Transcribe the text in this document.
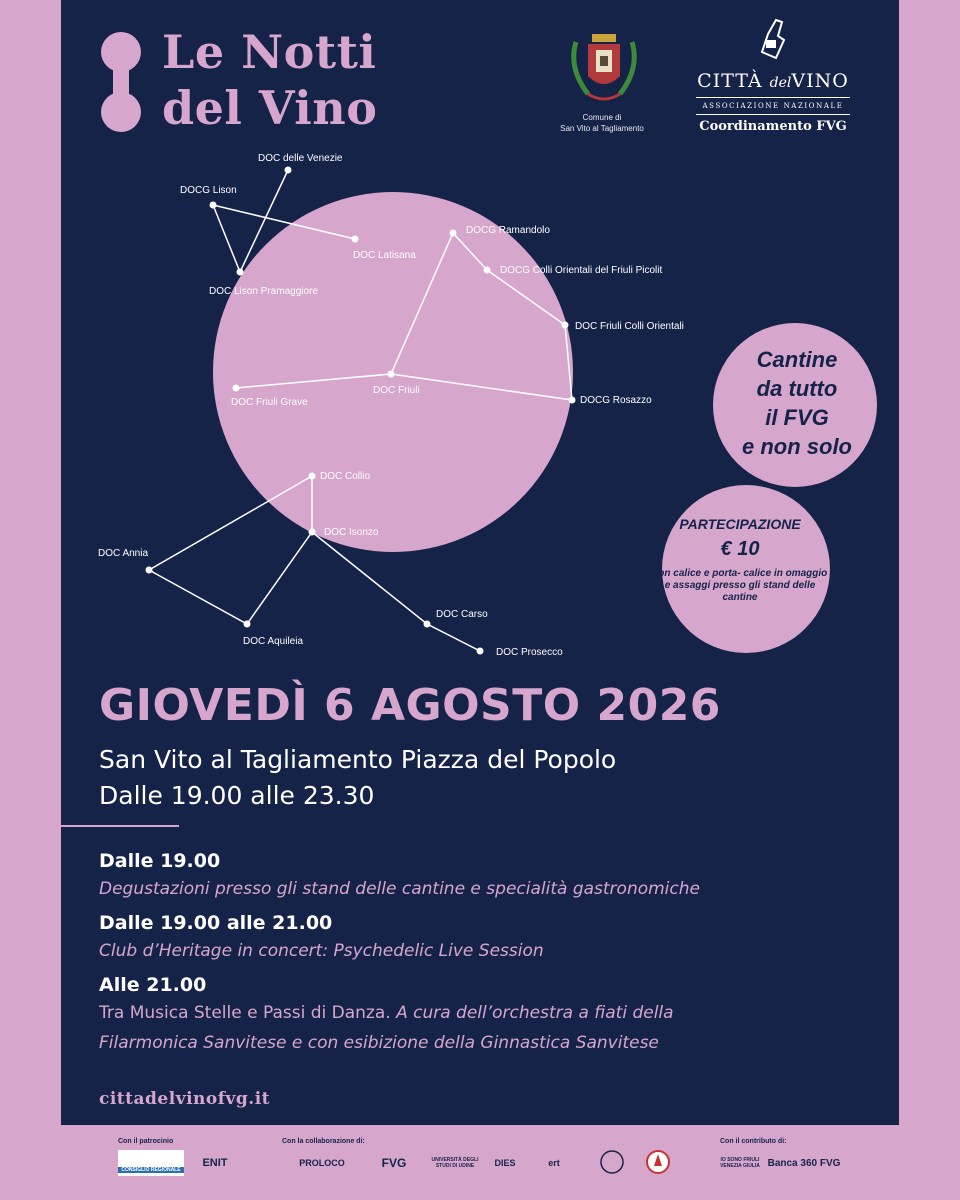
Le Notti
del Vino	Comune di
San Vito al Tagliamento
CITTÀ delVINO
ASSOCIAZIONE NAZIONALE
Coordinamento FVG
DOC delle Venezie
DOCG Lison
DOC Latisana
DOC Lison Pramaggiore
DOCG Ramandolo
DOCG Colli Orientali del Friuli Picolit
DOC Friuli Colli Orientali
DOC Friuli Grave
DOC Friuli
DOCG Rosazzo
DOC Collio
DOC Isonzo
DOC Annia
DOC Aquileia
DOC Carso
DOC Prosecco
Cantine
da tutto
il FVG
e non solo
PARTECIPAZIONE
€ 10
con calice e porta- calice in omaggio e assaggi presso gli stand delle cantine
GIOVEDÌ 6 AGOSTO 2026
San Vito al Tagliamento Piazza del Popolo
Dalle 19.00 alle 23.30
Dalle 19.00
Degustazioni presso gli stand delle cantine e specialità gastronomiche
Dalle 19.00 alle 21.00
Club d’Heritage in concert: Psychedelic Live Session
Alle 21.00
Tra Musica Stelle e Passi di Danza. A cura dell’orchestra a fiati della
Filarmonica Sanvitese e con esibizione della Ginnastica Sanvitese
cittadelvinofvg.it
Con il patrocinio	Con la collaborazione di:	Con il contributo di:
CONSIGLIO REGIONALE
ENIT	PROLOCO	FVG	UNIVERSITÀ DEGLI STUDI DI UDINE	DIES	ert	IO SONO FRIULI VENEZIA GIULIA Banca 360 FVG
